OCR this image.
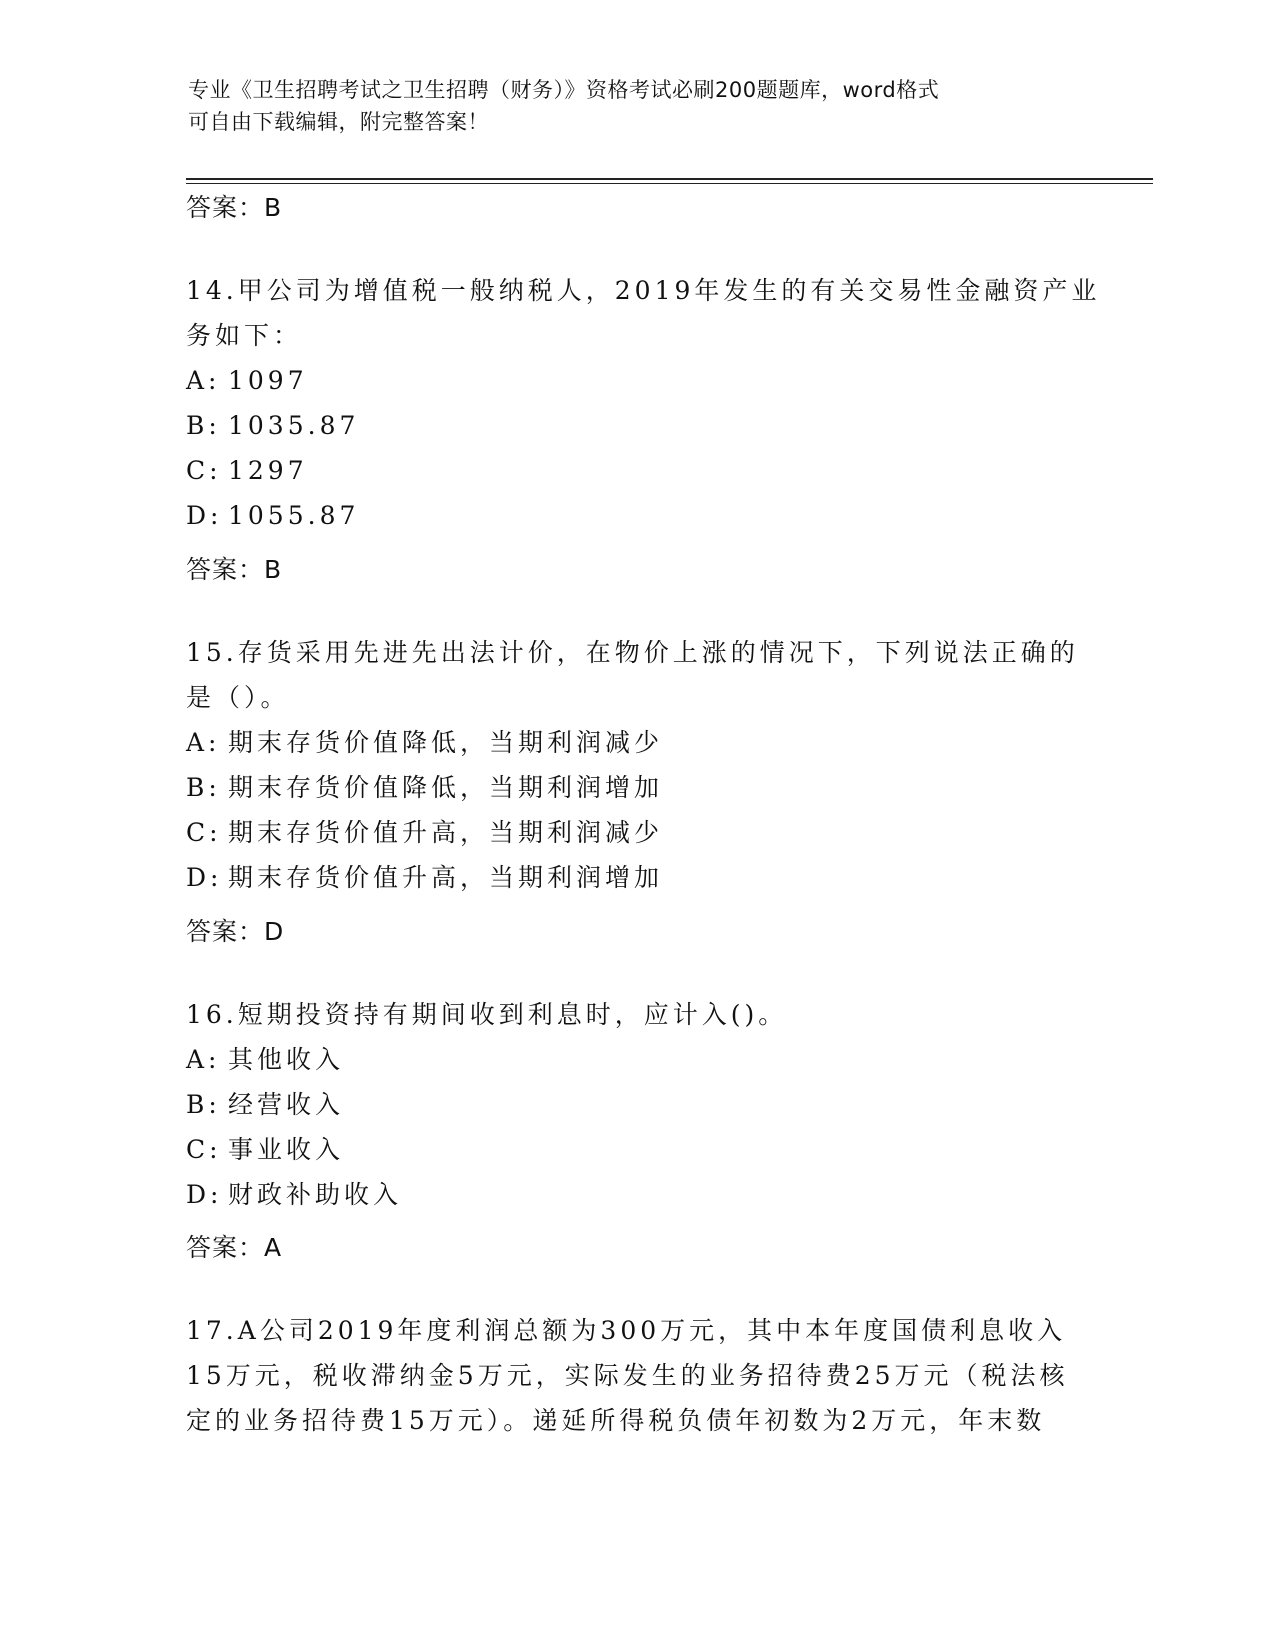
专业《卫生招聘考试之卫生招聘（财务）》资格考试必刷200题题库，word格式
可自由下载编辑，附完整答案！
答案：B
14.甲公司为增值税一般纳税人，2019年发生的有关交易性金融资产业
务如下：
A: 1097
B: 1035.87
C: 1297
D: 1055.87
答案：B
15.存货采用先进先出法计价，在物价上涨的情况下，下列说法正确的
是（）。
A: 期末存货价值降低，当期利润减少
B: 期末存货价值降低，当期利润增加
C: 期末存货价值升高，当期利润减少
D: 期末存货价值升高，当期利润增加
答案：D
16.短期投资持有期间收到利息时，应计入()。
A: 其他收入
B: 经营收入
C: 事业收入
D: 财政补助收入
答案：A
17.A公司2019年度利润总额为300万元，其中本年度国债利息收入
15万元，税收滞纳金5万元，实际发生的业务招待费25万元（税法核
定的业务招待费15万元）。递延所得税负债年初数为2万元，年末数
